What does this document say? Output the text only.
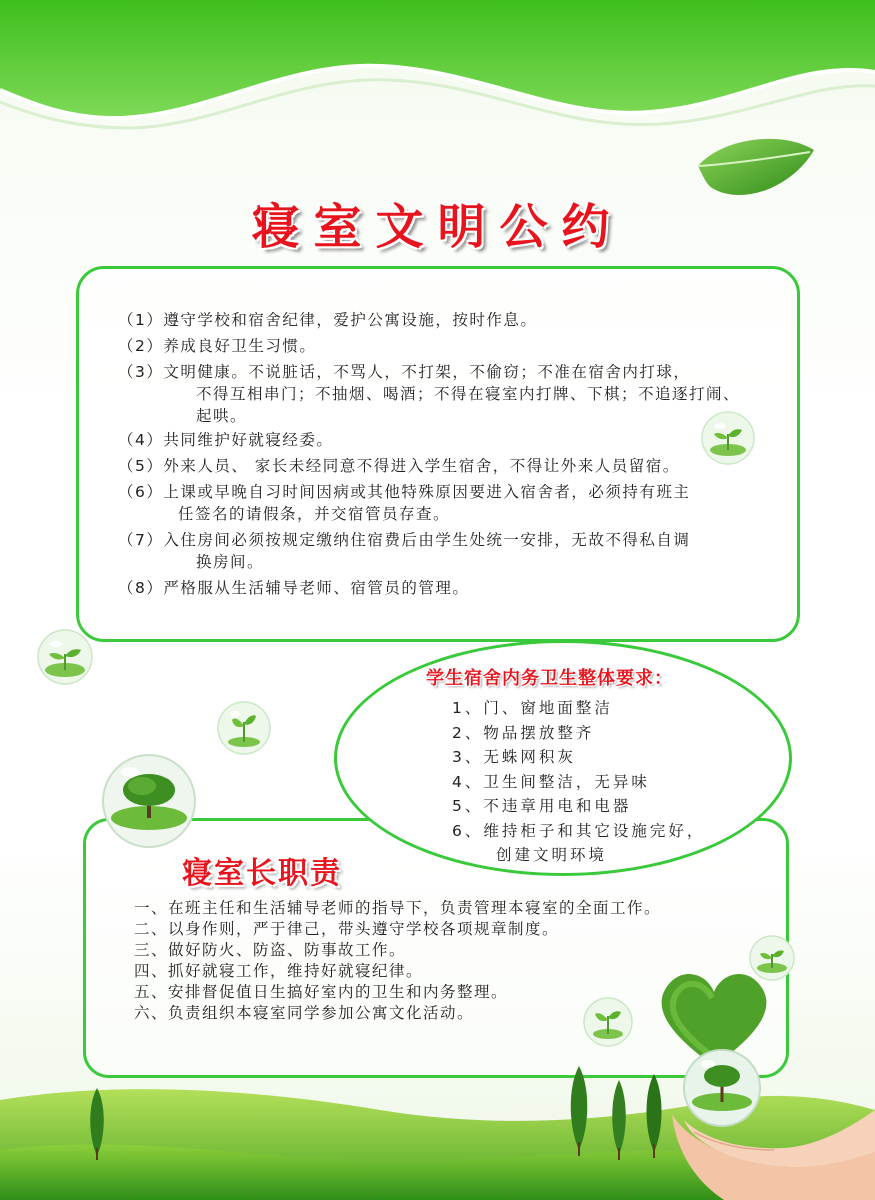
寝室文明公约
（1）遵守学校和宿舍纪律，爱护公寓设施，按时作息。
（2）养成良好卫生习惯。
（3）文明健康。不说脏话，不骂人，不打架，不偷窃；不准在宿舍内打球，
不得互相串门；不抽烟、喝酒；不得在寝室内打牌、下棋；不追逐打闹、
起哄。
（4）共同维护好就寝经委。
（5）外来人员、 家长未经同意不得进入学生宿舍，不得让外来人员留宿。
（6）上课或早晚自习时间因病或其他特殊原因要进入宿舍者，必须持有班主
任签名的请假条，并交宿管员存查。
（7）入住房间必须按规定缴纳住宿费后由学生处统一安排，无故不得私自调
换房间。
（8）严格服从生活辅导老师、宿管员的管理。
学生宿舍内务卫生整体要求：
1、门、窗地面整洁
2、物品摆放整齐
3、无蛛网积灰
4、卫生间整洁，无异味
5、不违章用电和电器
6、维持柜子和其它设施完好，
创建文明环境
寝室长职责
一、在班主任和生活辅导老师的指导下，负责管理本寝室的全面工作。
二、以身作则，严于律己，带头遵守学校各项规章制度。
三、做好防火、防盗、防事故工作。
四、抓好就寝工作，维持好就寝纪律。
五、安排督促值日生搞好室内的卫生和内务整理。
六、负责组织本寝室同学参加公寓文化活动。
